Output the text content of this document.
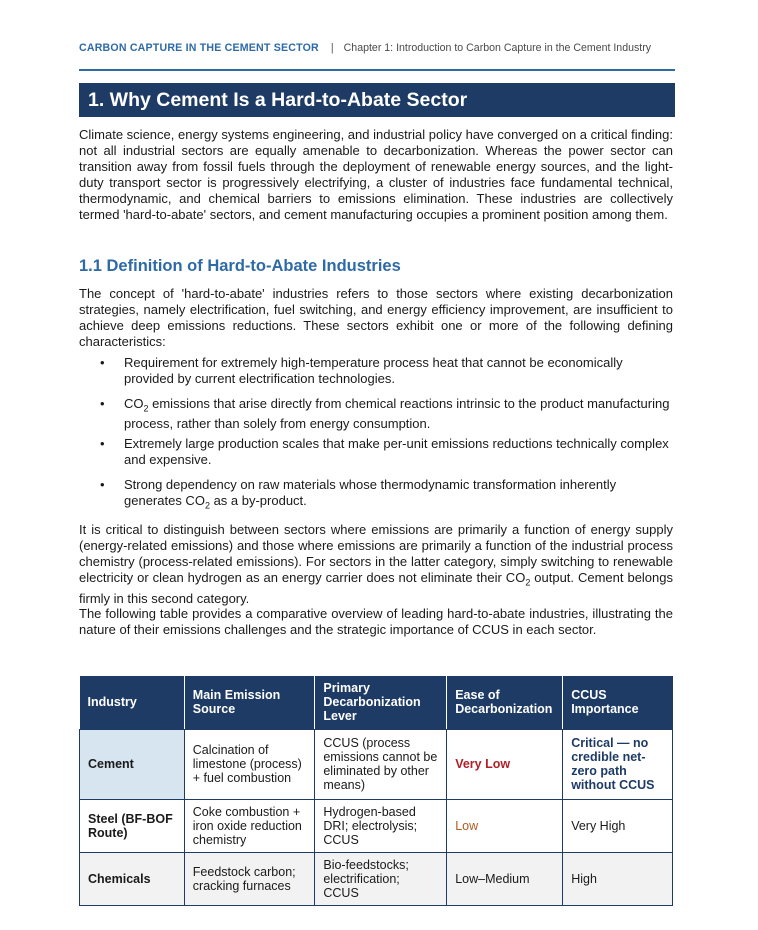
CARBON CAPTURE IN THE CEMENT SECTOR | Chapter 1: Introduction to Carbon Capture in the Cement Industry
1. Why Cement Is a Hard-to-Abate Sector

Climate science, energy systems engineering, and industrial policy have converged on a critical finding: not all industrial sectors are equally amenable to decarbonization. Whereas the power sector can transition away from fossil fuels through the deployment of renewable energy sources, and the light-duty transport sector is progressively electrifying, a cluster of industries face fundamental technical, thermodynamic, and chemical barriers to emissions elimination. These industries are collectively termed 'hard-to-abate' sectors, and cement manufacturing occupies a prominent position among them.

1.1 Definition of Hard-to-Abate Industries

The concept of 'hard-to-abate' industries refers to those sectors where existing decarbonization strategies, namely electrification, fuel switching, and energy efficiency improvement, are insufficient to achieve deep emissions reductions. These sectors exhibit one or more of the following defining characteristics:

• Requirement for extremely high-temperature process heat that cannot be economically provided by current electrification technologies.
• $CO_2$ emissions that arise directly from chemical reactions intrinsic to the product manufacturing process, rather than solely from energy consumption.
• Extremely large production scales that make per-unit emissions reductions technically complex and expensive.
• Strong dependency on raw materials whose thermodynamic transformation inherently generates $CO_2$ as a by-product.

It is critical to distinguish between sectors where emissions are primarily a function of energy supply (energy-related emissions) and those where emissions are primarily a function of the industrial process chemistry (process-related emissions). For sectors in the latter category, simply switching to renewable electricity or clean hydrogen as an energy carrier does not eliminate their $CO_2$ output. Cement belongs firmly in this second category.

The following table provides a comparative overview of leading hard-to-abate industries, illustrating the nature of their emissions challenges and the strategic importance of CCUS in each sector.

Industry	Main Emission Source	Primary Decarbonization Lever	Ease of Decarbonization	CCUS Importance
Cement	Calcination of limestone (process) + fuel combustion	CCUS (process emissions cannot be eliminated by other means)	Very Low	Critical — no credible net-zero path without CCUS
Steel (BF-BOF Route)	Coke combustion + iron oxide reduction chemistry	Hydrogen-based DRI; electrolysis; CCUS	Low	Very High
Chemicals	Feedstock carbon; cracking furnaces	Bio-feedstocks; electrification; CCUS	Low–Medium	High
